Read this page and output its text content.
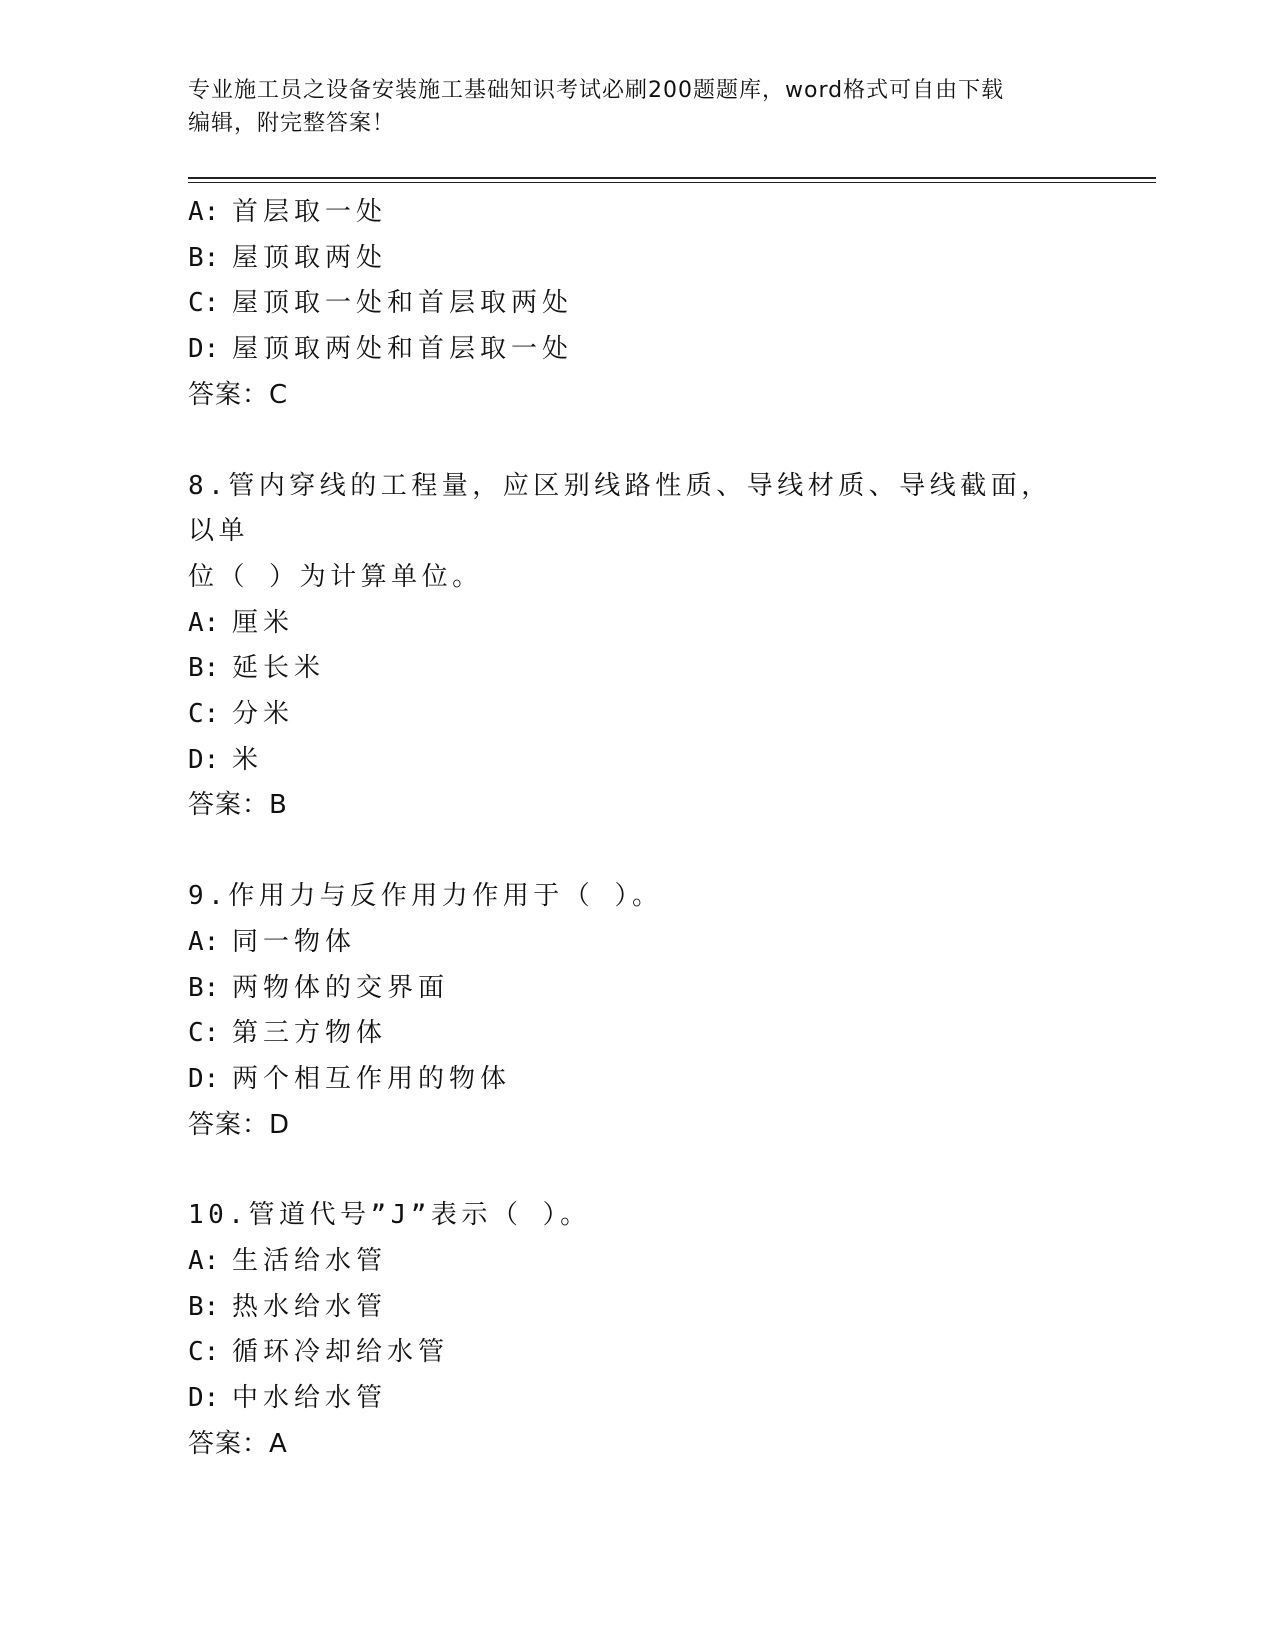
专业施工员之设备安装施工基础知识考试必刷200题题库，word格式可自由下载
编辑，附完整答案！
A: 首层取一处
B: 屋顶取两处
C: 屋顶取一处和首层取两处
D: 屋顶取两处和首层取一处
答案：C
8.管内穿线的工程量，应区别线路性质、导线材质、导线截面，以单
位（ ）为计算单位。
A: 厘米
B: 延长米
C: 分米
D: 米
答案：B
9.作用力与反作用力作用于（ ）。
A: 同一物体
B: 两物体的交界面
C: 第三方物体
D: 两个相互作用的物体
答案：D
10.管道代号”J”表示（ ）。
A: 生活给水管
B: 热水给水管
C: 循环冷却给水管
D: 中水给水管
答案：A
